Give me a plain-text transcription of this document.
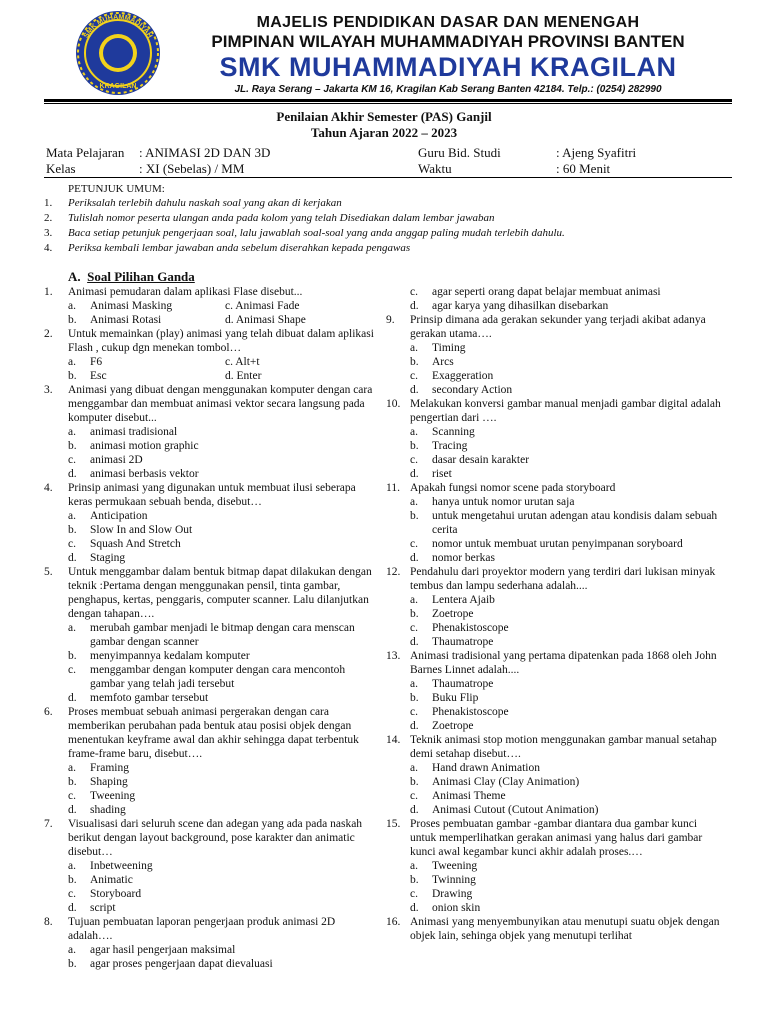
SMK MUHAMMADIYAH
KRAGILAN
MAJELIS PENDIDIKAN DASAR DAN MENENGAH
PIMPINAN WILAYAH MUHAMMADIYAH PROVINSI BANTEN
SMK MUHAMMADIYAH KRAGILAN
JL. Raya Serang – Jakarta KM 16, Kragilan Kab Serang Banten 42184. Telp.: (0254) 282990
Penilaian Akhir Semester (PAS) Ganjil
Tahun Ajaran 2022 – 2023
Mata Pelajaran : ANIMASI 2D DAN 3D
Kelas	: XI (Sebelas) / MM
Guru Bid. Studi	: Ajeng Syafitri
Waktu	: 60 Menit
PETUNJUK UMUM:
1.	Periksalah terlebih dahulu naskah soal yang akan di kerjakan
2.	Tulislah nomor peserta ulangan anda pada kolom yang telah Disediakan dalam lembar jawaban
3.	Baca setiap petunjuk pengerjaan soal, lalu jawablah soal-soal yang anda anggap paling mudah terlebih dahulu.
4.	Periksa kembali lembar jawaban anda sebelum diserahkan kepada pengawas
A. Soal Pilihan Ganda
1.	Animasi pemudaran dalam aplikasi Flase disebut...
a.	Animasi Masking	c. Animasi Fade
b.	Animasi Rotasi	d. Animasi Shape
2.	Untuk memainkan (play) animasi yang telah dibuat dalam aplikasi Flash , cukup dgn menekan tombol…
a.	F6	c. Alt+t
b.	Esc	d. Enter
3.	Animasi yang dibuat dengan menggunakan komputer dengan cara menggambar dan membuat animasi vektor secara langsung pada komputer disebut...
a.	animasi tradisional
b.	animasi motion graphic
c.	animasi 2D
d.	animasi berbasis vektor
4.	Prinsip animasi yang digunakan untuk membuat ilusi seberapa keras permukaan sebuah benda, disebut…
a.	Anticipation
b.	Slow In and Slow Out
c.	Squash And Stretch
d.	Staging
5.	Untuk menggambar dalam bentuk bitmap dapat dilakukan dengan teknik :Pertama dengan menggunakan pensil, tinta gambar, penghapus, kertas, penggaris, computer scanner. Lalu dilanjutkan dengan tahapan….
a.	merubah gambar menjadi le bitmap dengan cara menscan gambar dengan scanner
b.	menyimpannya kedalam komputer
c.	menggambar dengan komputer dengan cara mencontoh gambar yang telah jadi tersebut
d.	memfoto gambar tersebut
6.	Proses membuat sebuah animasi pergerakan dengan cara memberikan perubahan pada bentuk atau posisi objek dengan menentukan keyframe awal dan akhir sehingga dapat terbentuk frame-frame baru, disebut….
a.	Framing
b.	Shaping
c.	Tweening
d.	shading
7.	Visualisasi dari seluruh scene dan adegan yang ada pada naskah berikut dengan layout background, pose karakter dan animatic disebut…
a.	Inbetweening
b.	Animatic
c.	Storyboard
d.	script
8.	Tujuan pembuatan laporan pengerjaan produk animasi 2D adalah….
a.	agar hasil pengerjaan maksimal
b.	agar proses pengerjaan dapat dievaluasi
c.	agar seperti orang dapat belajar membuat animasi
d.	agar karya yang dihasilkan disebarkan
9.	Prinsip dimana ada gerakan sekunder yang terjadi akibat adanya gerakan utama….
a.	Timing
b.	Arcs
c.	Exaggeration
d.	secondary Action
10. Melakukan konversi gambar manual menjadi gambar digital adalah pengertian dari ….
a.	Scanning
b.	Tracing
c.	dasar desain karakter
d.	riset
11. Apakah fungsi nomor scene pada storyboard
a.	hanya untuk nomor urutan saja
b.	untuk mengetahui urutan adengan atau kondisis dalam sebuah cerita
c.	nomor untuk membuat urutan penyimpanan soryboard
d.	nomor berkas
12. Pendahulu dari proyektor modern yang terdiri dari lukisan minyak tembus dan lampu sederhana adalah....
a.	Lentera Ajaib
b.	Zoetrope
c.	Phenakistoscope
d.	Thaumatrope
13. Animasi tradisional yang pertama dipatenkan pada 1868 oleh John Barnes Linnet adalah....
a.	Thaumatrope
b.	Buku Flip
c.	Phenakistoscope
d.	Zoetrope
14. Teknik animasi stop motion menggunakan gambar manual setahap demi setahap disebut….
a.	Hand drawn Animation
b.	Animasi Clay (Clay Animation)
c.	Animasi Theme
d.	Animasi Cutout (Cutout Animation)
15. Proses pembuatan gambar -gambar diantara dua gambar kunci untuk memperlihatkan gerakan animasi yang halus dari gambar kunci awal kegambar kunci akhir adalah proses.…
a.	Tweening
b.	Twinning
c.	Drawing
d.	onion skin
16. Animasi yang menyembunyikan atau menutupi suatu objek dengan objek lain, sehinga objek yang menutupi terlihat
